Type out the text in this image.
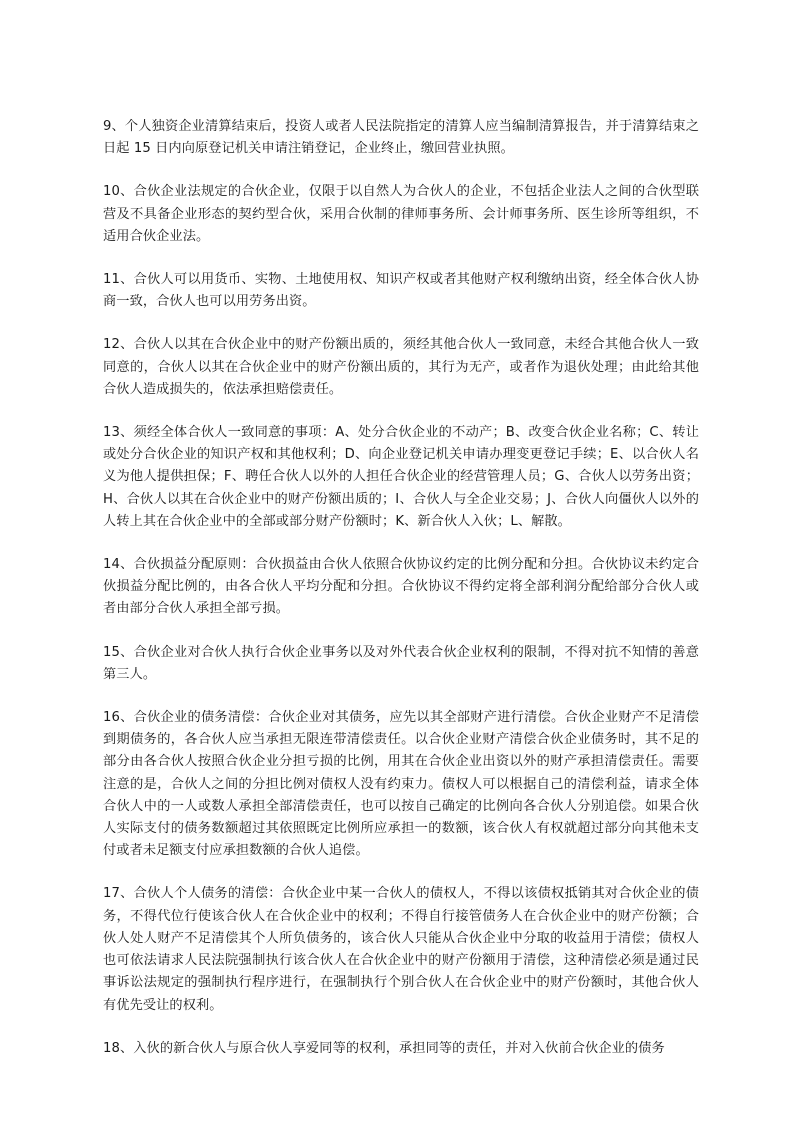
9、个人独资企业清算结束后，投资人或者人民法院指定的清算人应当编制清算报告，并于清算结束之日起 15 日内向原登记机关申请注销登记，企业终止，缴回营业执照。

10、合伙企业法规定的合伙企业，仅限于以自然人为合伙人的企业，不包括企业法人之间的合伙型联营及不具备企业形态的契约型合伙，采用合伙制的律师事务所、会计师事务所、医生诊所等组织，不适用合伙企业法。

11、合伙人可以用货币、实物、土地使用权、知识产权或者其他财产权利缴纳出资，经全体合伙人协商一致，合伙人也可以用劳务出资。

12、合伙人以其在合伙企业中的财产份额出质的，须经其他合伙人一致同意，未经合其他合伙人一致同意的，合伙人以其在合伙企业中的财产份额出质的，其行为无产，或者作为退伙处理；由此给其他合伙人造成损失的，依法承担赔偿责任。

13、须经全体合伙人一致同意的事项：A、处分合伙企业的不动产；B、改变合伙企业名称；C、转让或处分合伙企业的知识产权和其他权利；D、向企业登记机关申请办理变更登记手续；E、以合伙人名义为他人提供担保；F、聘任合伙人以外的人担任合伙企业的经营管理人员；G、合伙人以劳务出资；H、合伙人以其在合伙企业中的财产份额出质的；I、合伙人与全企业交易；J、合伙人向僵伙人以外的人转上其在合伙企业中的全部或部分财产份额时；K、新合伙人入伙；L、解散。

14、合伙损益分配原则：合伙损益由合伙人依照合伙协议约定的比例分配和分担。合伙协议未约定合伙损益分配比例的，由各合伙人平均分配和分担。合伙协议不得约定将全部利润分配给部分合伙人或者由部分合伙人承担全部亏损。

15、合伙企业对合伙人执行合伙企业事务以及对外代表合伙企业权利的限制，不得对抗不知情的善意第三人。

16、合伙企业的债务清偿：合伙企业对其债务，应先以其全部财产进行清偿。合伙企业财产不足清偿到期债务的，各合伙人应当承担无限连带清偿责任。以合伙企业财产清偿合伙企业债务时，其不足的部分由各合伙人按照合伙企业分担亏损的比例，用其在合伙企业出资以外的财产承担清偿责任。需要注意的是，合伙人之间的分担比例对债权人没有约束力。债权人可以根据自己的清偿利益，请求全体合伙人中的一人或数人承担全部清偿责任，也可以按自己确定的比例向各合伙人分别追偿。如果合伙人实际支付的债务数额超过其依照既定比例所应承担一的数额，该合伙人有权就超过部分向其他未支付或者未足额支付应承担数额的合伙人追偿。

17、合伙人个人债务的清偿：合伙企业中某一合伙人的债权人，不得以该债权抵销其对合伙企业的债务，不得代位行使该合伙人在合伙企业中的权利；不得自行接管债务人在合伙企业中的财产份额；合伙人处人财产不足清偿其个人所负债务的，该合伙人只能从合伙企业中分取的收益用于清偿；债权人也可依法请求人民法院强制执行该合伙人在合伙企业中的财产份额用于清偿，这种清偿必须是通过民事诉讼法规定的强制执行程序进行，在强制执行个别合伙人在合伙企业中的财产份额时，其他合伙人有优先受让的权利。

18、入伙的新合伙人与原合伙人享爱同等的权利，承担同等的责任，并对入伙前合伙企业的债务
